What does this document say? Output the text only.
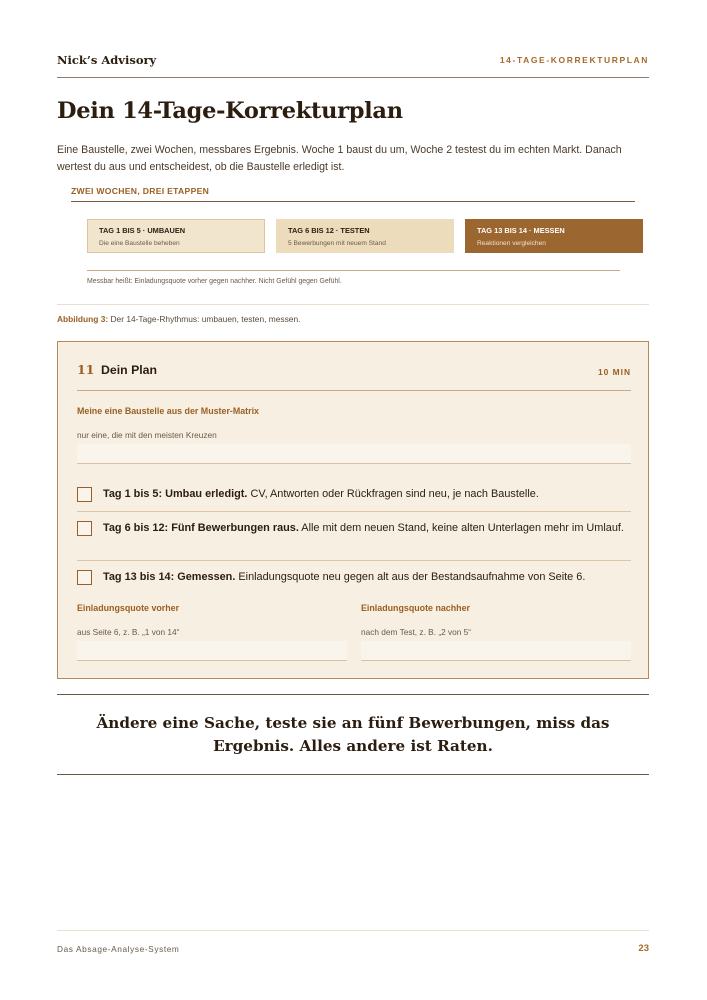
Nick’s Advisory	14-TAGE-KORREKTURPLAN
Dein 14-Tage-Korrekturplan

Eine Baustelle, zwei Wochen, messbares Ergebnis. Woche 1 baust du um, Woche 2 testest du im echten Markt. Danach wertest du aus und entscheidest, ob die Baustelle erledigt ist.

ZWEI WOCHEN, DREI ETAPPEN
TAG 1 BIS 5 · UMBAUEN
Die eine Baustelle beheben
TAG 6 BIS 12 · TESTEN
5 Bewerbungen mit neuem Stand
TAG 13 BIS 14 · MESSEN
Reaktionen vergleichen
Messbar heißt: Einladungsquote vorher gegen nachher. Nicht Gefühl gegen Gefühl.
Abbildung 3: Der 14-Tage-Rhythmus: umbauen, testen, messen.
11 Dein Plan	10 MIN
Meine eine Baustelle aus der Muster-Matrix
nur eine, die mit den meisten Kreuzen
Tag 1 bis 5: Umbau erledigt. CV, Antworten oder Rückfragen sind neu, je nach Baustelle.
Tag 6 bis 12: Fünf Bewerbungen raus. Alle mit dem neuen Stand, keine alten Unterlagen mehr im Umlauf.
Tag 13 bis 14: Gemessen. Einladungsquote neu gegen alt aus der Bestandsaufnahme von Seite 6.
Einladungsquote vorher
aus Seite 6, z. B. „1 von 14“
Einladungsquote nachher
nach dem Test, z. B. „2 von 5“
Ändere eine Sache, teste sie an fünf Bewerbungen, miss das Ergebnis. Alles andere ist Raten.
Das Absage-Analyse-System	23
